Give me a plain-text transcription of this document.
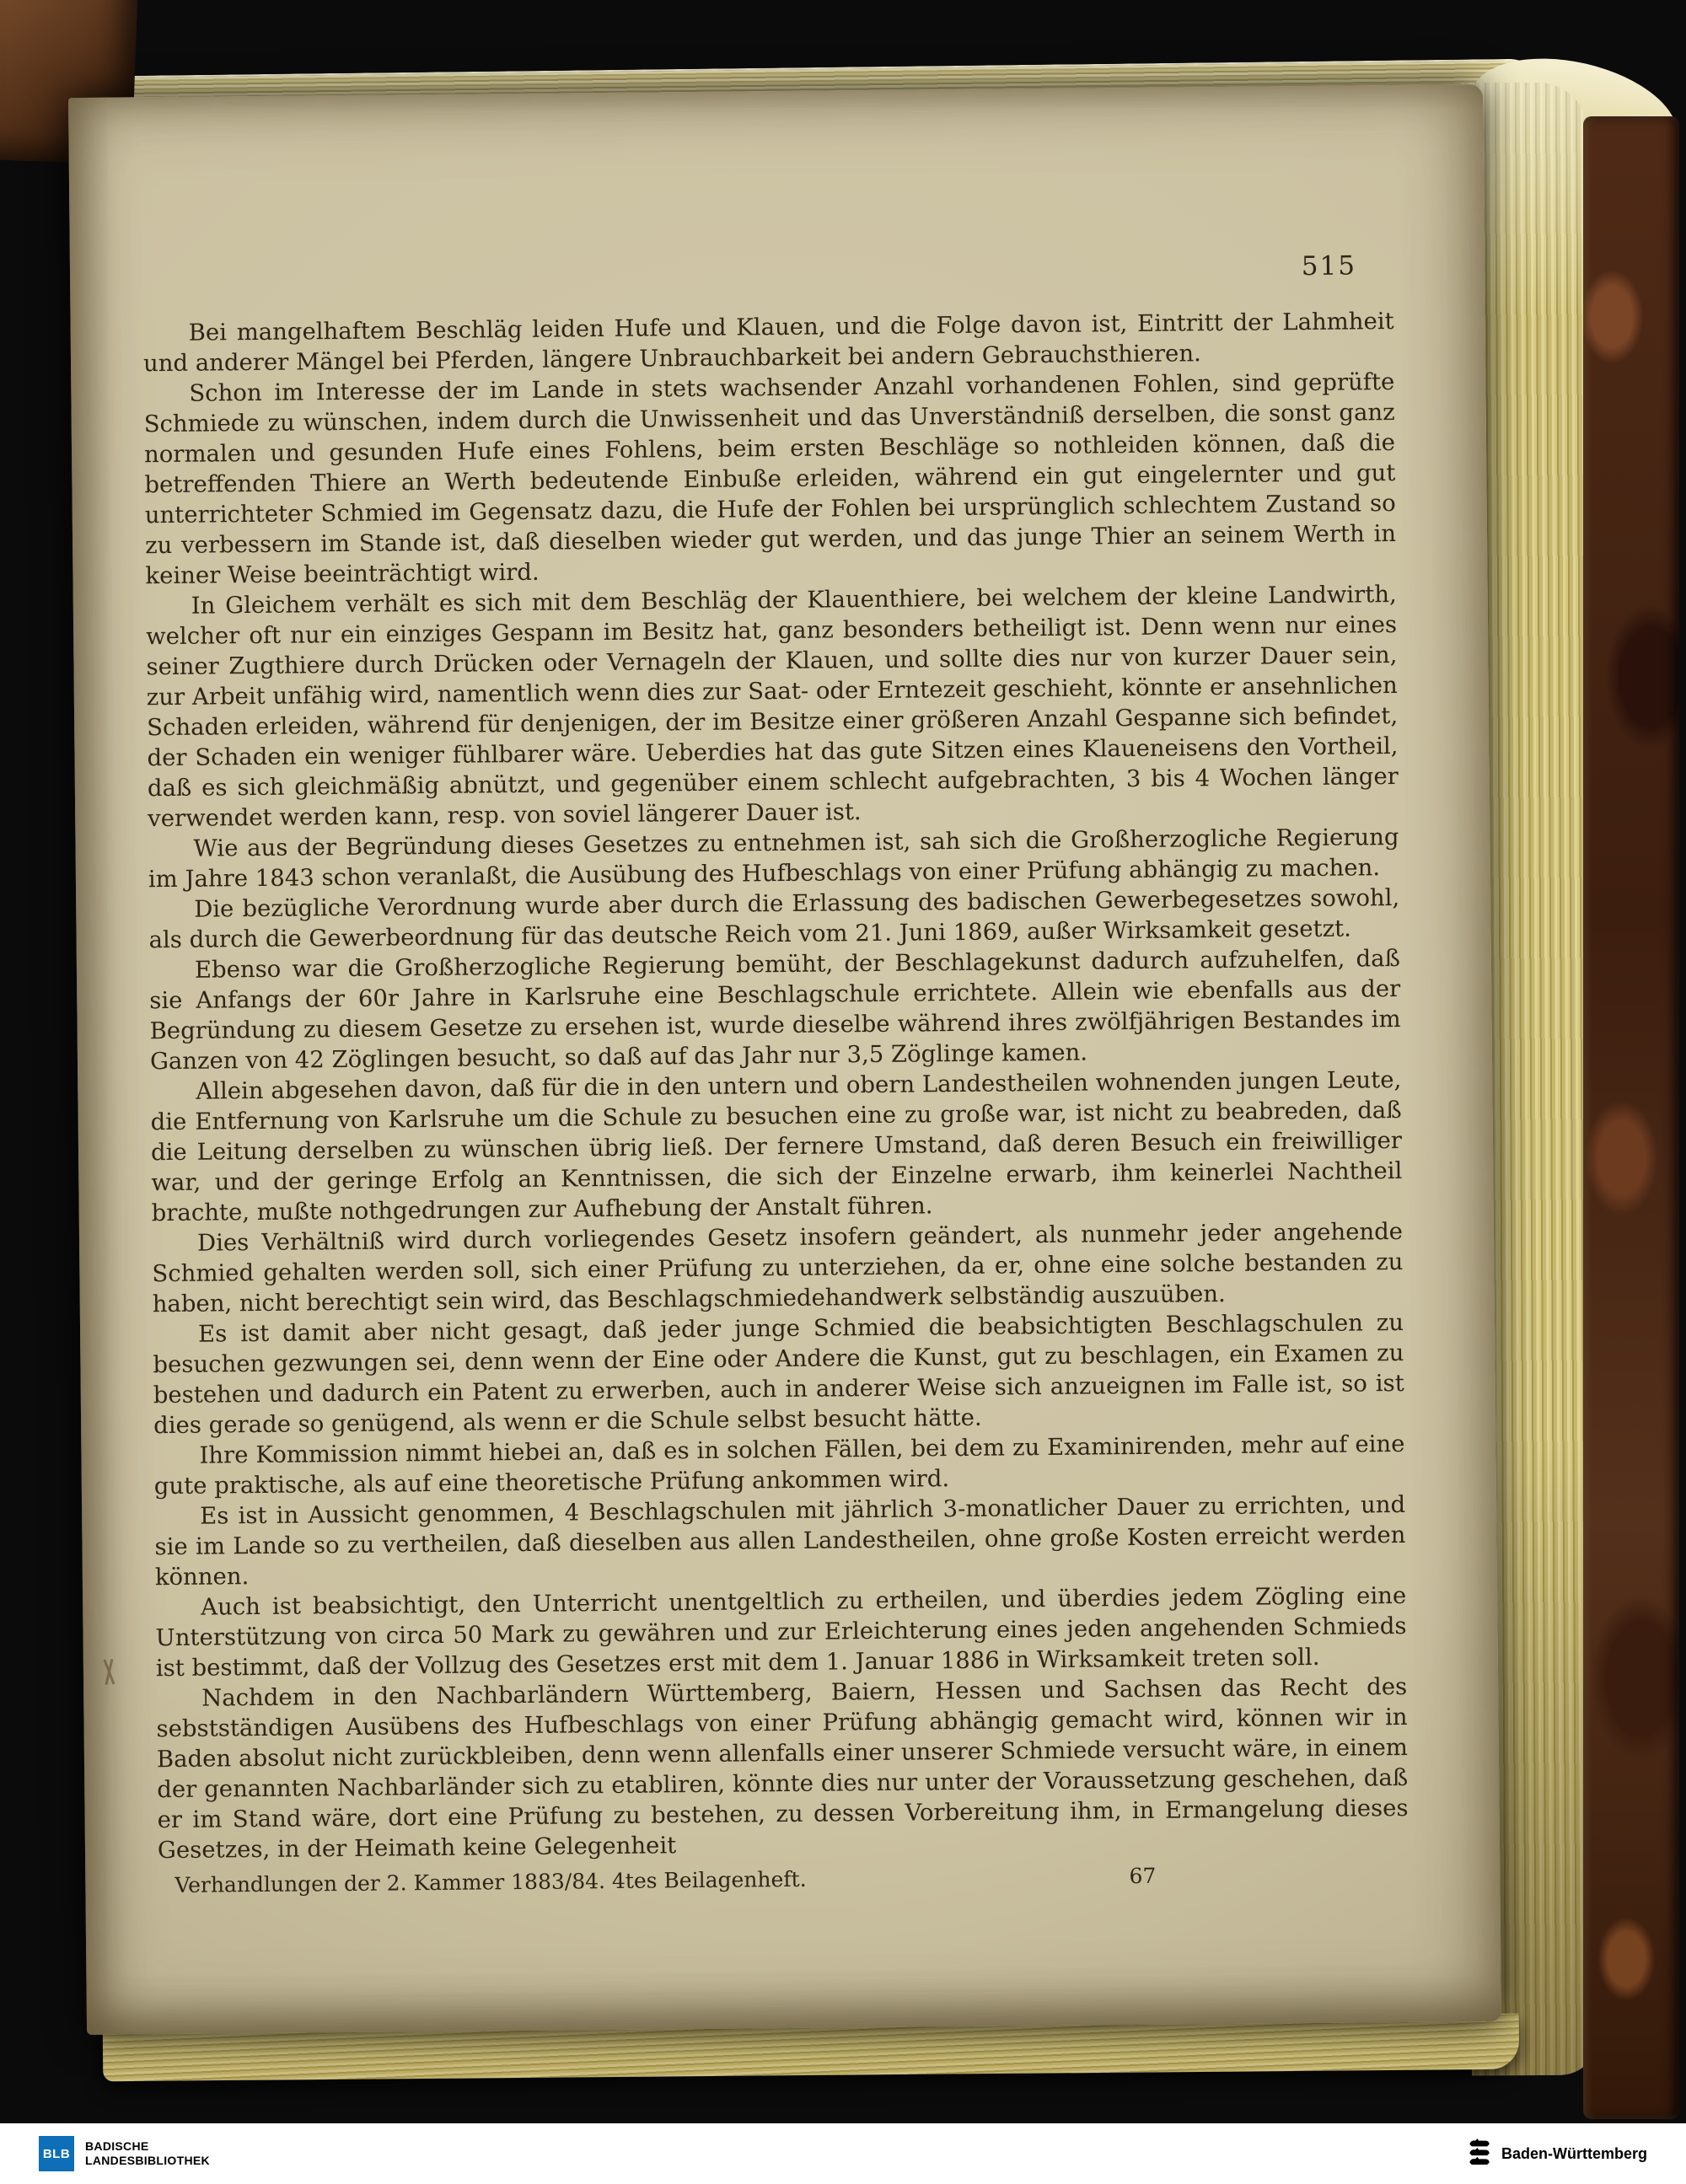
515

Bei mangelhaftem Beschläg leiden Hufe und Klauen, und die Folge davon ist, Eintritt der Lahmheit und anderer Mängel bei Pferden, längere Unbrauchbarkeit bei andern Gebrauchsthieren.

Schon im Interesse der im Lande in stets wachsender Anzahl vorhandenen Fohlen, sind geprüfte Schmiede zu wünschen, indem durch die Unwissenheit und das Unverständniß derselben, die sonst ganz normalen und gesunden Hufe eines Fohlens, beim ersten Beschläge so nothleiden können, daß die betreffenden Thiere an Werth bedeutende Einbuße erleiden, während ein gut eingelernter und gut unterrichteter Schmied im Gegensatz dazu, die Hufe der Fohlen bei ursprünglich schlechtem Zustand so zu verbessern im Stande ist, daß dieselben wieder gut werden, und das junge Thier an seinem Werth in keiner Weise beeinträchtigt wird.

In Gleichem verhält es sich mit dem Beschläg der Klauenthiere, bei welchem der kleine Landwirth, welcher oft nur ein einziges Gespann im Besitz hat, ganz besonders betheiligt ist. Denn wenn nur eines seiner Zugthiere durch Drücken oder Vernageln der Klauen, und sollte dies nur von kurzer Dauer sein, zur Arbeit unfähig wird, namentlich wenn dies zur Saat- oder Erntezeit geschieht, könnte er ansehnlichen Schaden erleiden, während für denjenigen, der im Besitze einer größeren Anzahl Gespanne sich befindet, der Schaden ein weniger fühlbarer wäre. Ueberdies hat das gute Sitzen eines Klaueneisens den Vortheil, daß es sich gleichmäßig abnützt, und gegenüber einem schlecht aufgebrachten, 3 bis 4 Wochen länger verwendet werden kann, resp. von soviel längerer Dauer ist.

Wie aus der Begründung dieses Gesetzes zu entnehmen ist, sah sich die Großherzogliche Regierung im Jahre 1843 schon veranlaßt, die Ausübung des Hufbeschlags von einer Prüfung abhängig zu machen.

Die bezügliche Verordnung wurde aber durch die Erlassung des badischen Gewerbegesetzes sowohl, als durch die Gewerbeordnung für das deutsche Reich vom 21. Juni 1869, außer Wirksamkeit gesetzt.

Ebenso war die Großherzogliche Regierung bemüht, der Beschlagekunst dadurch aufzuhelfen, daß sie Anfangs der 60r Jahre in Karlsruhe eine Beschlagschule errichtete. Allein wie ebenfalls aus der Begründung zu diesem Gesetze zu ersehen ist, wurde dieselbe während ihres zwölfjährigen Bestandes im Ganzen von 42 Zöglingen besucht, so daß auf das Jahr nur 3,5 Zöglinge kamen.

Allein abgesehen davon, daß für die in den untern und obern Landestheilen wohnenden jungen Leute, die Entfernung von Karlsruhe um die Schule zu besuchen eine zu große war, ist nicht zu beabreden, daß die Leitung derselben zu wünschen übrig ließ. Der fernere Umstand, daß deren Besuch ein freiwilliger war, und der geringe Erfolg an Kenntnissen, die sich der Einzelne erwarb, ihm keinerlei Nachtheil brachte, mußte nothgedrungen zur Aufhebung der Anstalt führen.

Dies Verhältniß wird durch vorliegendes Gesetz insofern geändert, als nunmehr jeder angehende Schmied gehalten werden soll, sich einer Prüfung zu unterziehen, da er, ohne eine solche bestanden zu haben, nicht berechtigt sein wird, das Beschlagschmiedehandwerk selbständig auszuüben.

Es ist damit aber nicht gesagt, daß jeder junge Schmied die beabsichtigten Beschlagschulen zu besuchen gezwungen sei, denn wenn der Eine oder Andere die Kunst, gut zu beschlagen, ein Examen zu bestehen und dadurch ein Patent zu erwerben, auch in anderer Weise sich anzueignen im Falle ist, so ist dies gerade so genügend, als wenn er die Schule selbst besucht hätte.

Ihre Kommission nimmt hiebei an, daß es in solchen Fällen, bei dem zu Examinirenden, mehr auf eine gute praktische, als auf eine theoretische Prüfung ankommen wird.

Es ist in Aussicht genommen, 4 Beschlagschulen mit jährlich 3-monatlicher Dauer zu errichten, und sie im Lande so zu vertheilen, daß dieselben aus allen Landestheilen, ohne große Kosten erreicht werden können.

Auch ist beabsichtigt, den Unterricht unentgeltlich zu ertheilen, und überdies jedem Zögling eine Unterstützung von circa 50 Mark zu gewähren und zur Erleichterung eines jeden angehenden Schmieds ist bestimmt, daß der Vollzug des Gesetzes erst mit dem 1. Januar 1886 in Wirksamkeit treten soll.

Nachdem in den Nachbarländern Württemberg, Baiern, Hessen und Sachsen das Recht des sebstständigen Ausübens des Hufbeschlags von einer Prüfung abhängig gemacht wird, können wir in Baden absolut nicht zurückbleiben, denn wenn allenfalls einer unserer Schmiede versucht wäre, in einem der genannten Nachbarländer sich zu etabliren, könnte dies nur unter der Voraussetzung geschehen, daß er im Stand wäre, dort eine Prüfung zu bestehen, zu dessen Vorbereitung ihm, in Ermangelung dieses Gesetzes, in der Heimath keine Gelegenheit

Verhandlungen der 2. Kammer 1883/84. 4tes Beilagenheft.	67
BLB
BADISCHE
LANDESBIBLIOTHEK	Baden-Württemberg
